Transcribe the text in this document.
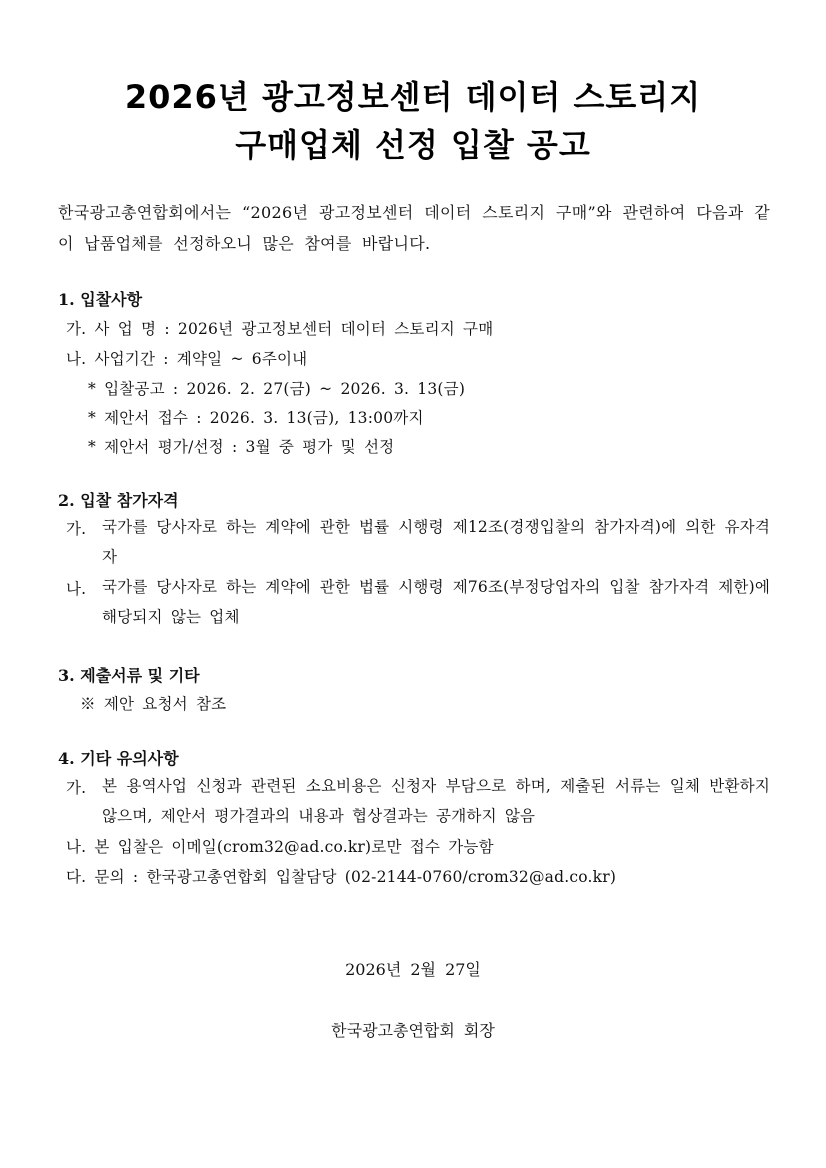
2026년 광고정보센터 데이터 스토리지
구매업체 선정 입찰 공고
한국광고총연합회에서는 “2026년 광고정보센터 데이터 스토리지 구매”와 관련하여 다음과 같이 납품업체를 선정하오니 많은 참여를 바랍니다.
1. 입찰사항
가. 사 업 명 : 2026년 광고정보센터 데이터 스토리지 구매
나. 사업기간 : 계약일 ~ 6주이내
* 입찰공고 : 2026. 2. 27(금) ~ 2026. 3. 13(금)
* 제안서 접수 : 2026. 3. 13(금), 13:00까지
* 제안서 평가/선정 : 3월 중 평가 및 선정
2. 입찰 참가자격
가. 국가를 당사자로 하는 계약에 관한 법률 시행령 제12조(경쟁입찰의 참가자격)에 의한 유자격자
나. 국가를 당사자로 하는 계약에 관한 법률 시행령 제76조(부정당업자의 입찰 참가자격 제한)에 해당되지 않는 업체
3. 제출서류 및 기타
※ 제안 요청서 참조
4. 기타 유의사항
가. 본 용역사업 신청과 관련된 소요비용은 신청자 부담으로 하며, 제출된 서류는 일체 반환하지 않으며, 제안서 평가결과의 내용과 협상결과는 공개하지 않음
나. 본 입찰은 이메일(crom32@ad.co.kr)로만 접수 가능함
다. 문의 : 한국광고총연합회 입찰담당 (02-2144-0760/crom32@ad.co.kr)
2026년 2월 27일
한국광고총연합회 회장
